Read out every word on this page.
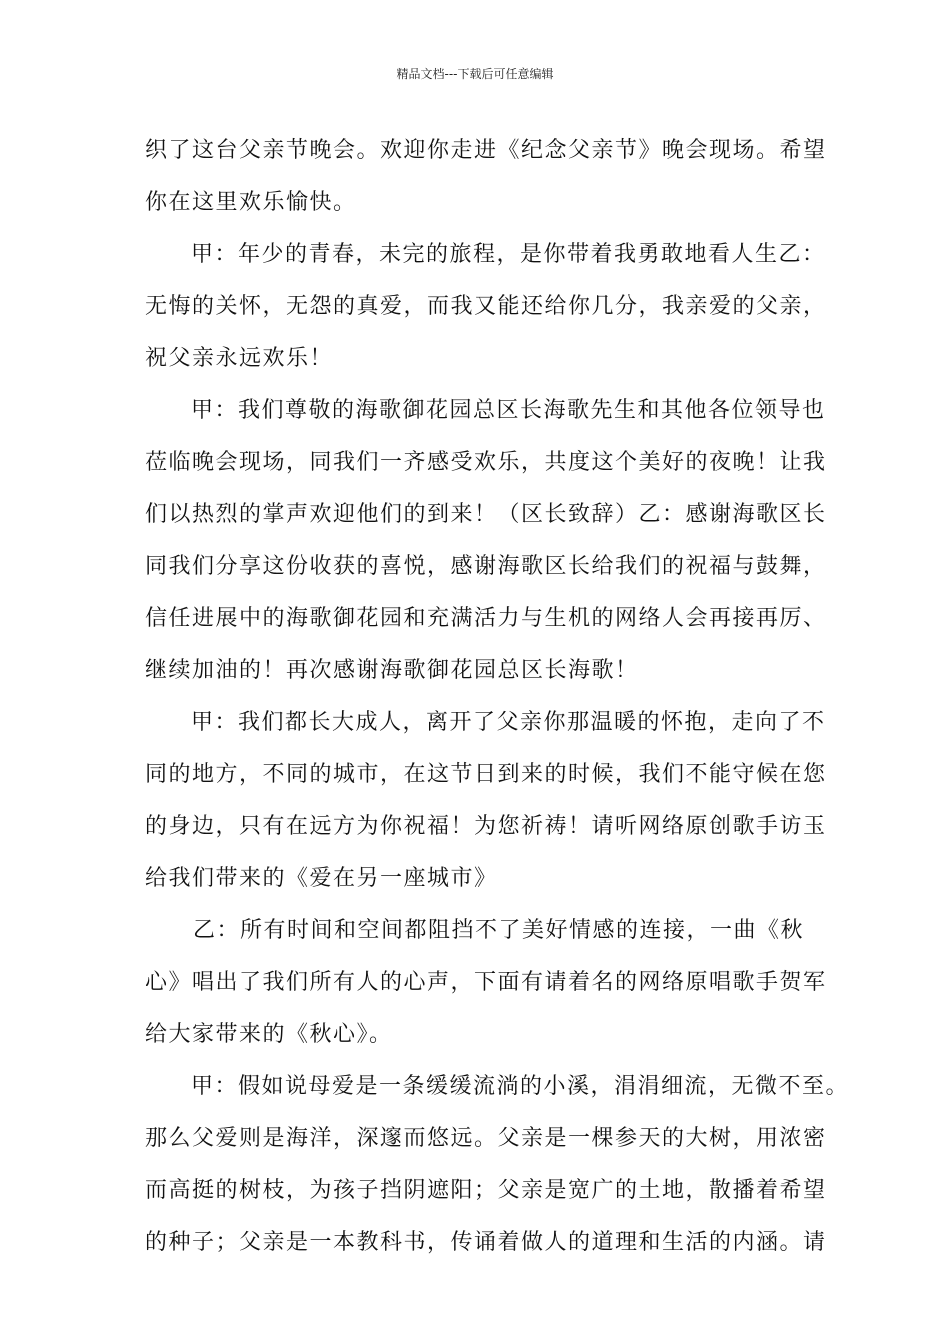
精品文档---下载后可任意编辑
织了这台父亲节晚会。欢迎你走进《纪念父亲节》晚会现场。希望
你在这里欢乐愉快。
甲：年少的青春，未完的旅程，是你带着我勇敢地看人生乙：
无悔的关怀，无怨的真爱，而我又能还给你几分，我亲爱的父亲，
祝父亲永远欢乐！
甲：我们尊敬的海歌御花园总区长海歌先生和其他各位领导也
莅临晚会现场，同我们一齐感受欢乐，共度这个美好的夜晚！让我
们以热烈的掌声欢迎他们的到来！（区长致辞）乙：感谢海歌区长
同我们分享这份收获的喜悦，感谢海歌区长给我们的祝福与鼓舞，
信任进展中的海歌御花园和充满活力与生机的网络人会再接再厉、
继续加油的！再次感谢海歌御花园总区长海歌！
甲：我们都长大成人，离开了父亲你那温暖的怀抱，走向了不
同的地方，不同的城市，在这节日到来的时候，我们不能守候在您
的身边，只有在远方为你祝福！为您祈祷！请听网络原创歌手访玉
给我们带来的《爱在另一座城市》
乙：所有时间和空间都阻挡不了美好情感的连接，一曲《秋
心》唱出了我们所有人的心声，下面有请着名的网络原唱歌手贺军
给大家带来的《秋心》。
甲：假如说母爱是一条缓缓流淌的小溪，涓涓细流，无微不至。
那么父爱则是海洋，深邃而悠远。父亲是一棵参天的大树，用浓密
而高挺的树枝，为孩子挡阴遮阳；父亲是宽广的土地，散播着希望
的种子；父亲是一本教科书，传诵着做人的道理和生活的内涵。请
